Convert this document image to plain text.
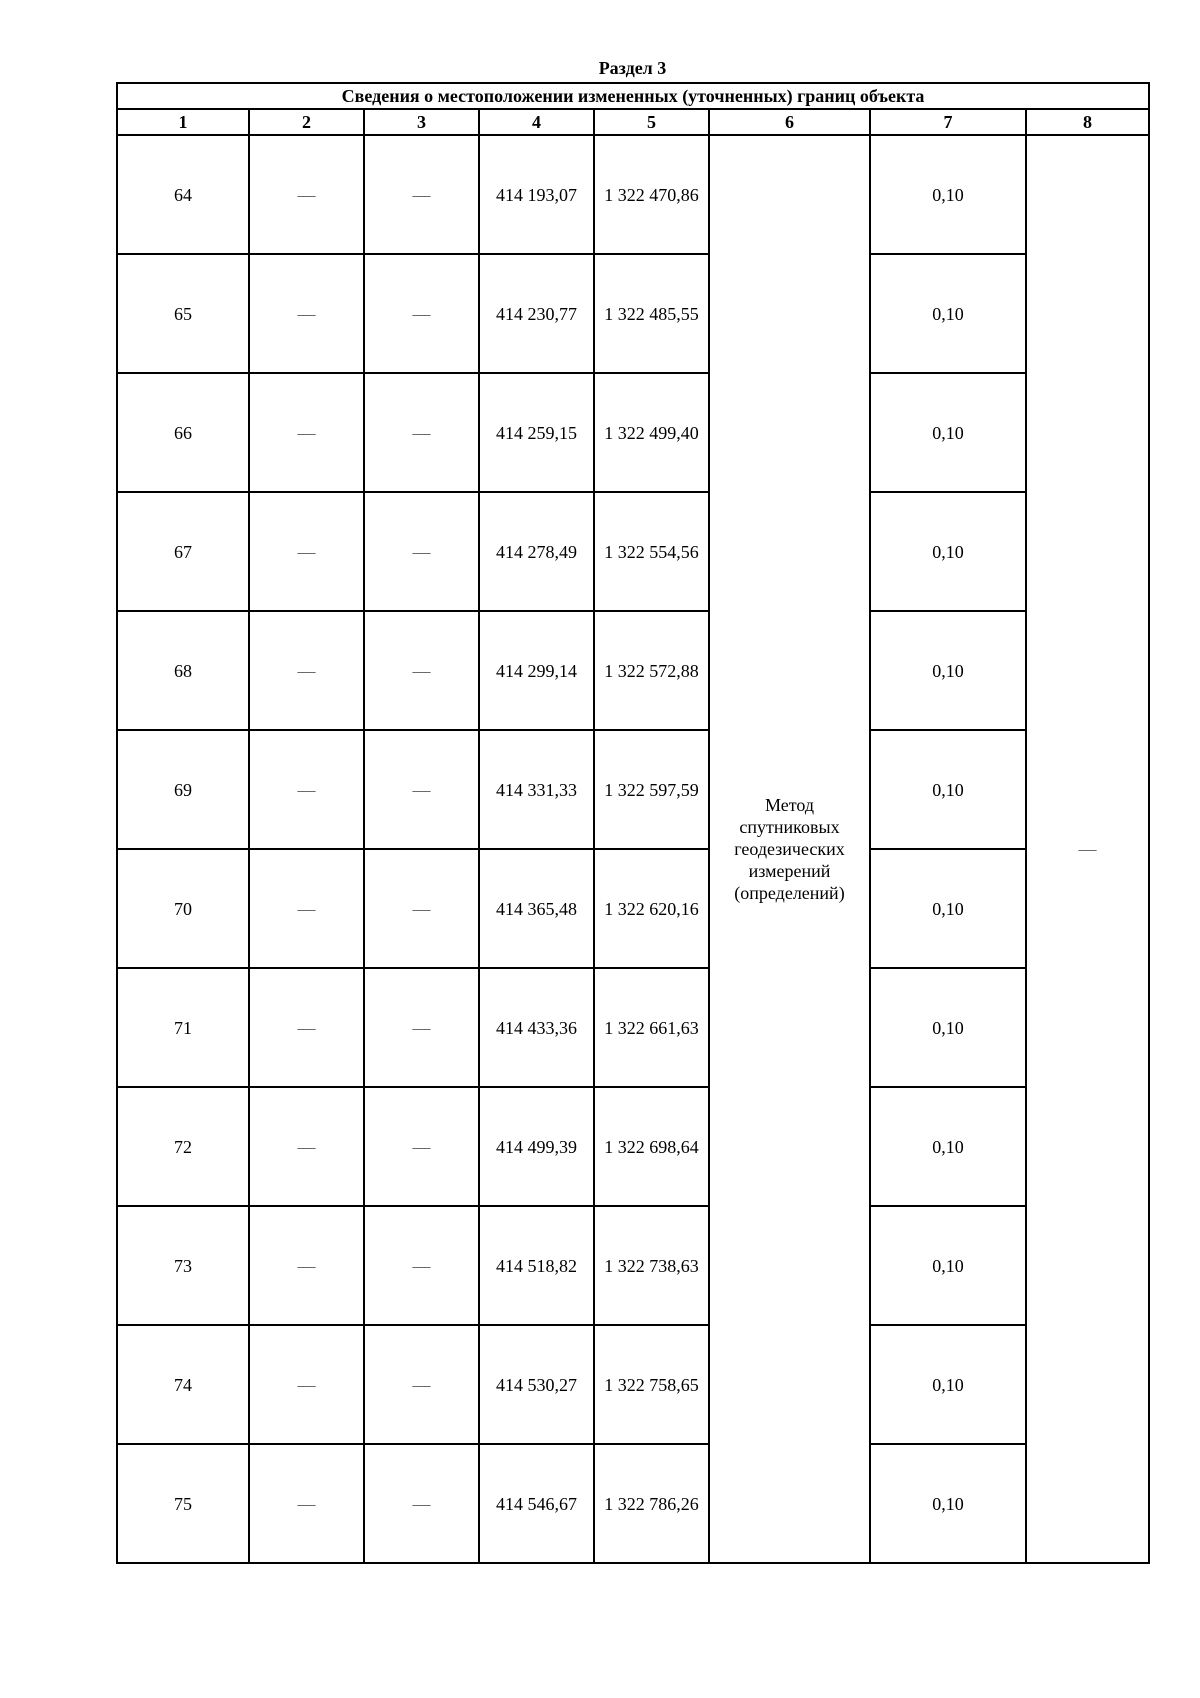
Раздел 3
Сведения о местоположении измененных (уточненных) границ объекта							
1	2	3	4	5	6	7	8
64	—	—	414 193,07	1 322 470,86	Метод
спутниковых
геодезических
измерений
(определений)	0,10	—
65	—	—	414 230,77	1 322 485,55		0,10	
66	—	—	414 259,15	1 322 499,40		0,10	
67	—	—	414 278,49	1 322 554,56		0,10	
68	—	—	414 299,14	1 322 572,88		0,10	
69	—	—	414 331,33	1 322 597,59		0,10	
70	—	—	414 365,48	1 322 620,16		0,10	
71	—	—	414 433,36	1 322 661,63		0,10	
72	—	—	414 499,39	1 322 698,64		0,10	
73	—	—	414 518,82	1 322 738,63		0,10	
74	—	—	414 530,27	1 322 758,65		0,10	
75	—	—	414 546,67	1 322 786,26		0,10	
